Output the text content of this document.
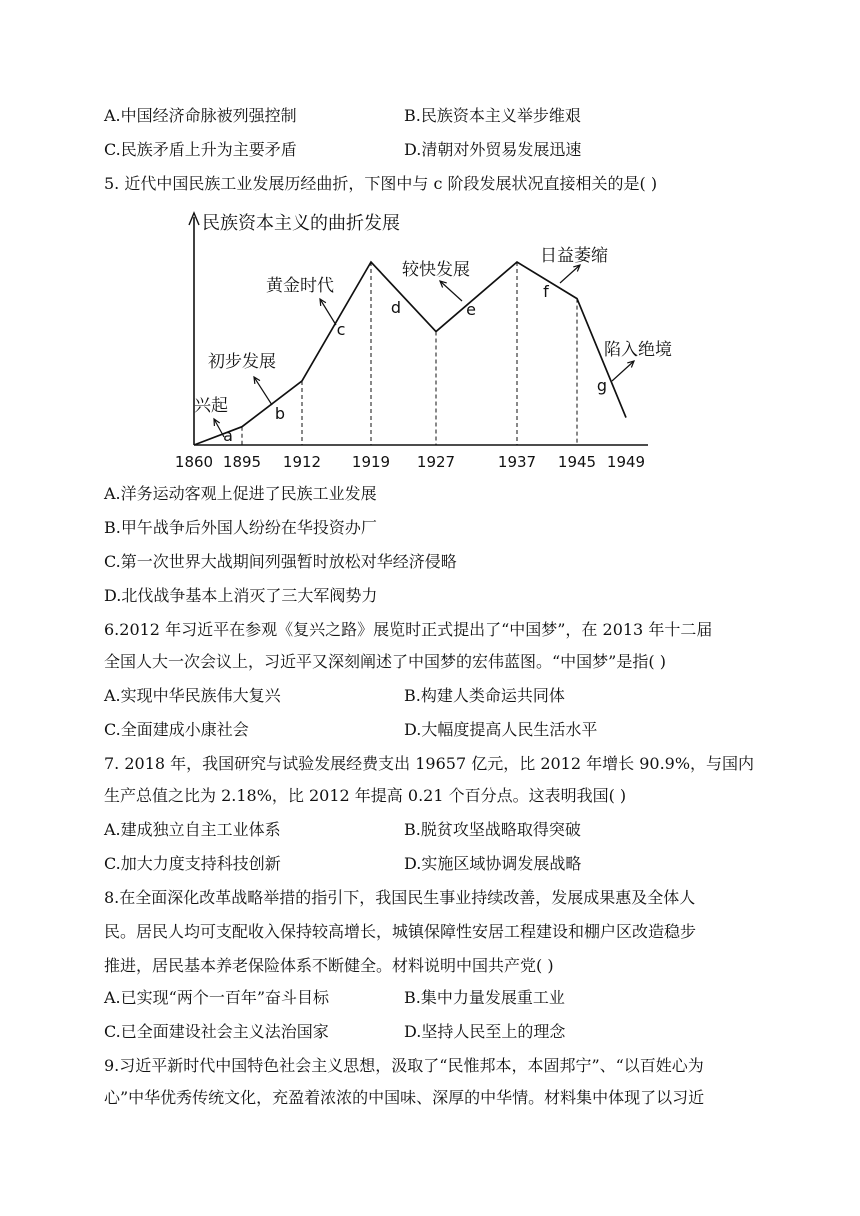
A.中国经济命脉被列强控制	B.民族资本主义举步维艰
C.民族矛盾上升为主要矛盾	D.清朝对外贸易发展迅速
5. 近代中国民族工业发展历经曲折，下图中与 c 阶段发展状况直接相关的是( )
民族资本主义的曲折发展
1860 1895 1912 1919 1927	1937 1945 1949
a
b
c
d	e
f
g
兴起
初步发展
黄金时代
较快发展
日益萎缩
陷入绝境
A.洋务运动客观上促进了民族工业发展
B.甲午战争后外国人纷纷在华投资办厂
C.第一次世界大战期间列强暂时放松对华经济侵略
D.北伐战争基本上消灭了三大军阀势力
6.2012 年习近平在参观《复兴之路》展览时正式提出了“中国梦”，在 2013 年十二届
全国人大一次会议上，习近平又深刻阐述了中国梦的宏伟蓝图。“中国梦”是指( )
A.实现中华民族伟大复兴	B.构建人类命运共同体
C.全面建成小康社会	D.大幅度提高人民生活水平
7. 2018 年，我国研究与试验发展经费支出 19657 亿元，比 2012 年增长 90.9%，与国内
生产总值之比为 2.18%，比 2012 年提高 0.21 个百分点。这表明我国( )
A.建成独立自主工业体系	B.脱贫攻坚战略取得突破
C.加大力度支持科技创新	D.实施区域协调发展战略
8.在全面深化改革战略举措的指引下，我国民生事业持续改善，发展成果惠及全体人
民。居民人均可支配收入保持较高增长，城镇保障性安居工程建设和棚户区改造稳步
推进，居民基本养老保险体系不断健全。材料说明中国共产党( )
A.已实现“两个一百年”奋斗目标	B.集中力量发展重工业
C.已全面建设社会主义法治国家	D.坚持人民至上的理念
9.习近平新时代中国特色社会主义思想，汲取了“民惟邦本，本固邦宁”、“以百姓心为
心”中华优秀传统文化，充盈着浓浓的中国味、深厚的中华情。材料集中体现了以习近
